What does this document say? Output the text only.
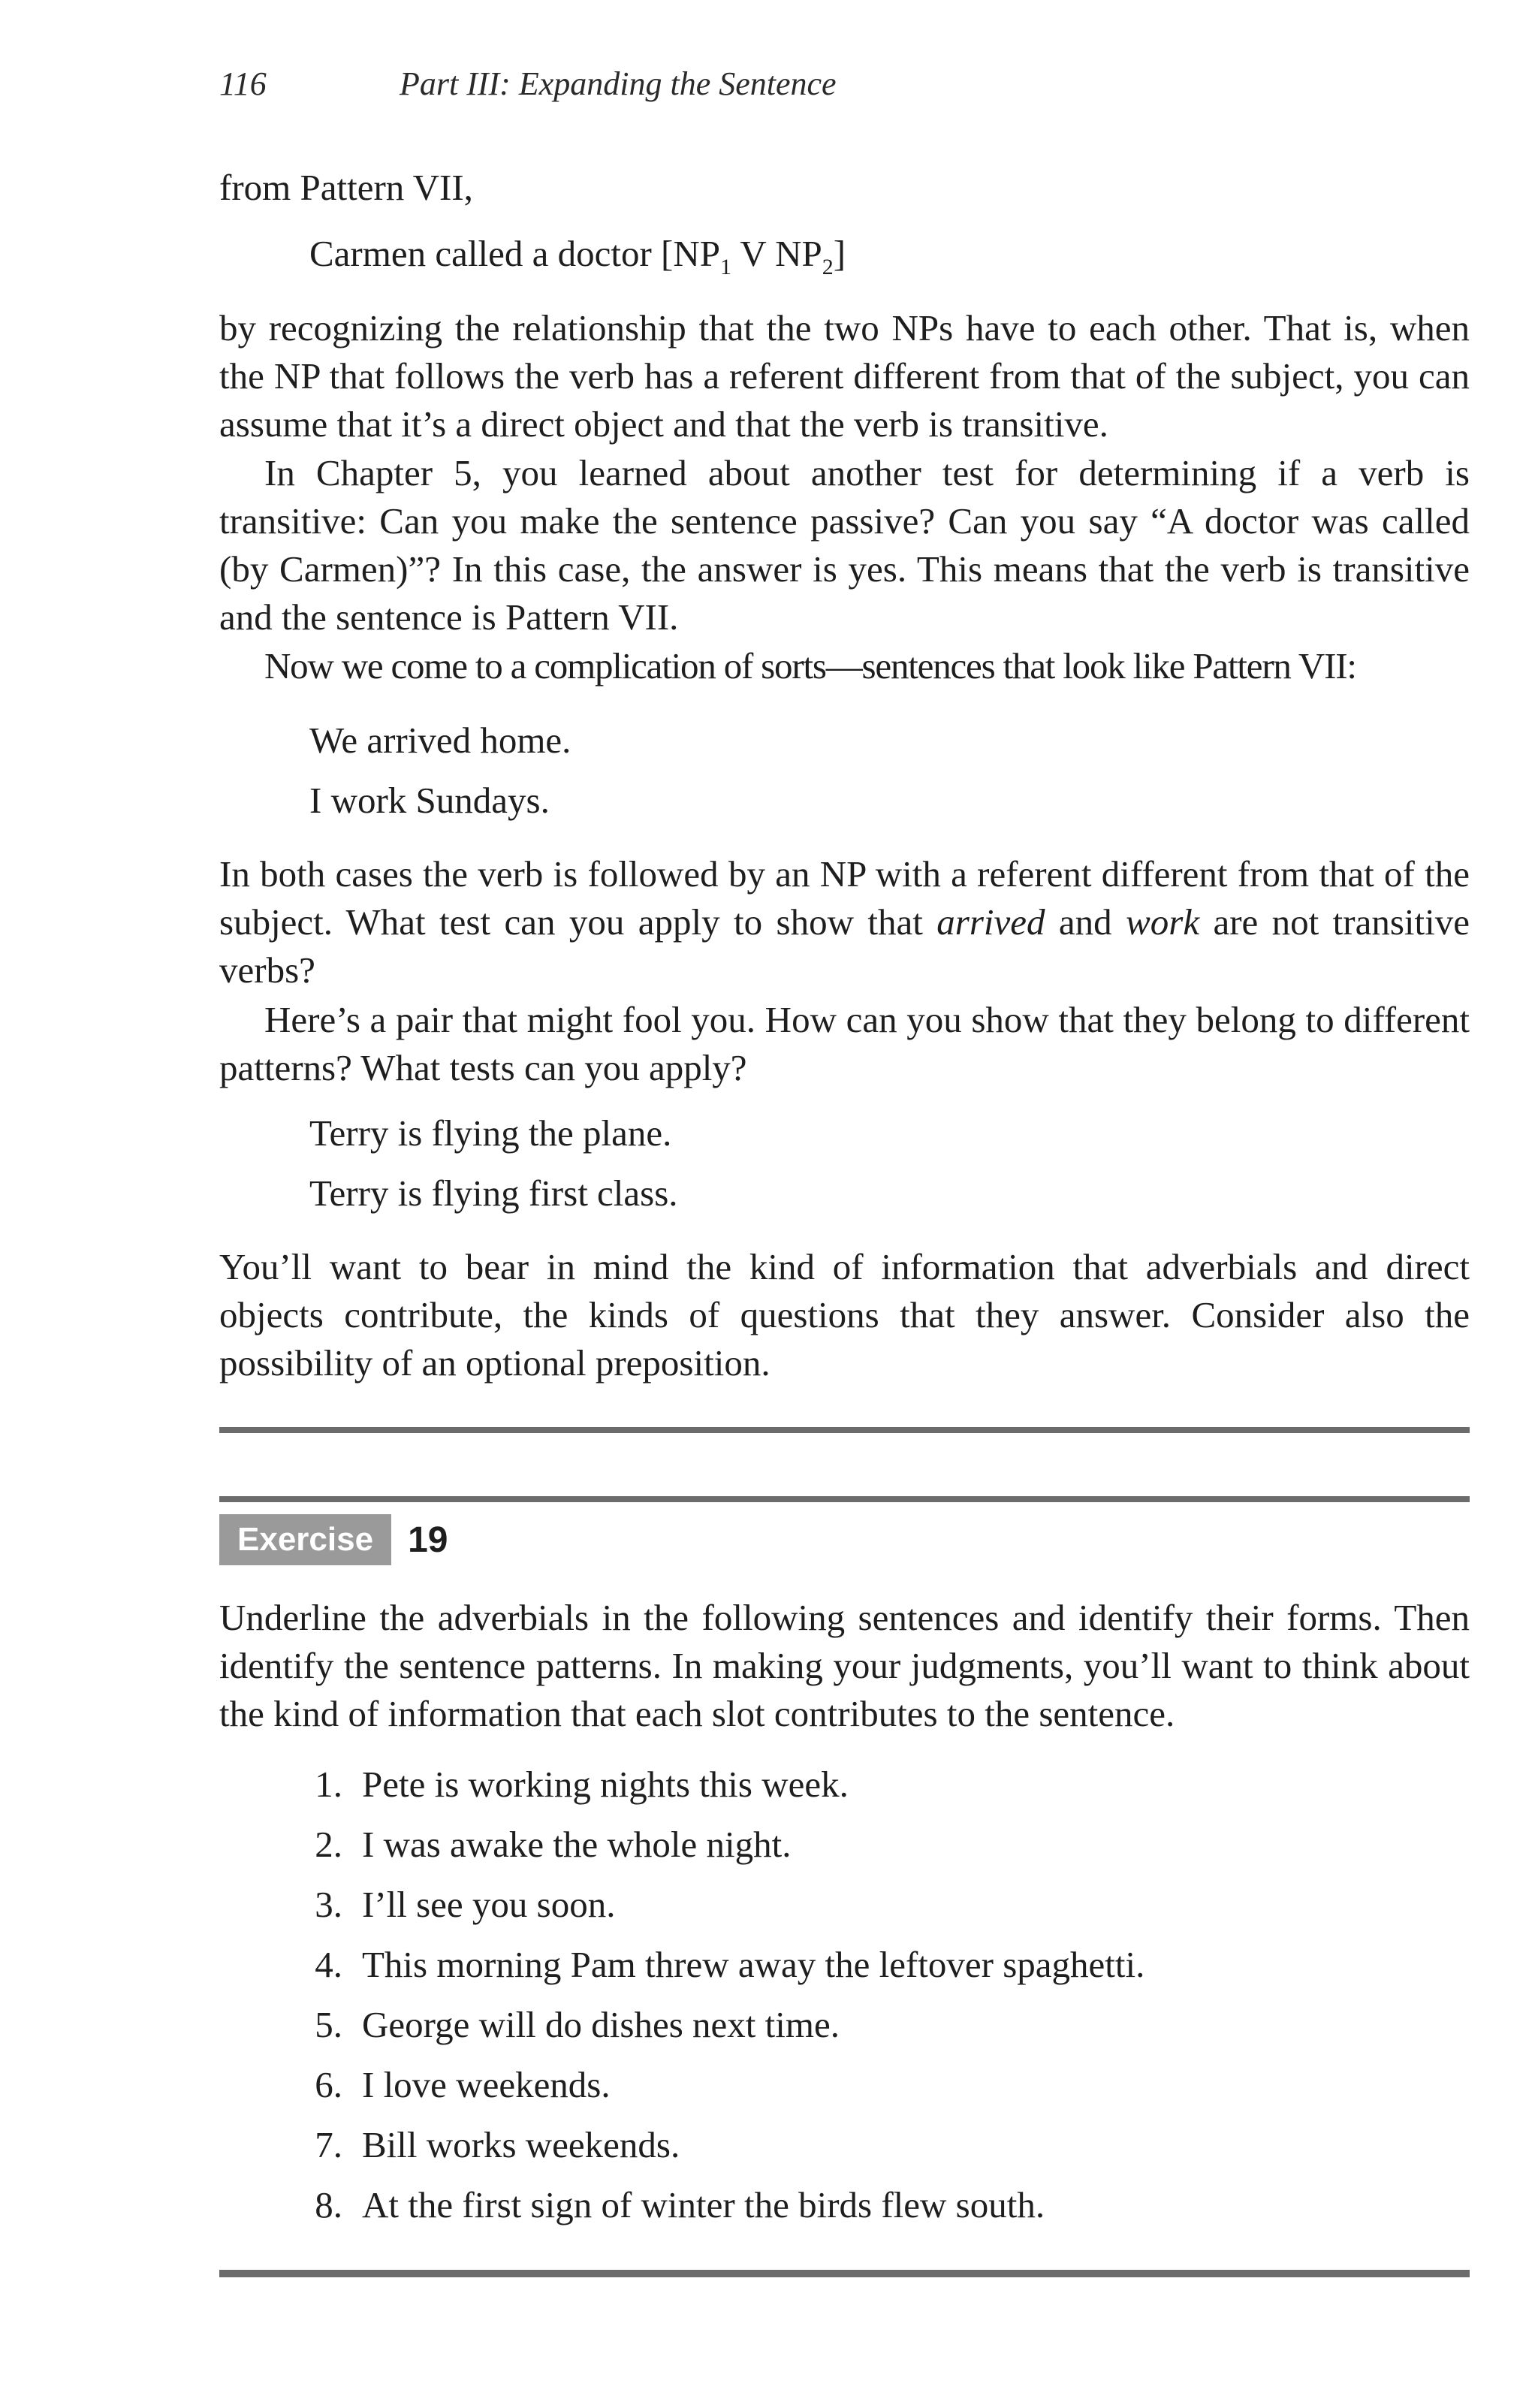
116	Part III: Expanding the Sentence
from Pattern VII,
Carmen called a doctor [$NP_1$ V $NP_2$]

by recognizing the relationship that the two NPs have to each other. That is, when the NP that follows the verb has a referent different from that of the subject, you can assume that it’s a direct object and that the verb is transitive.

In Chapter 5, you learned about another test for determining if a verb is transitive: Can you make the sentence passive? Can you say “A doctor was called (by Carmen)”? In this case, the answer is yes. This means that the verb is transitive and the sentence is Pattern VII.

Now we come to a complication of sorts—sentences that look like Pattern VII:

We arrived home.
I work Sundays.

In both cases the verb is followed by an NP with a referent different from that of the subject. What test can you apply to show that arrived and work are not transitive verbs?

Here’s a pair that might fool you. How can you show that they belong to different patterns? What tests can you apply?

Terry is flying the plane.
Terry is flying first class.

You’ll want to bear in mind the kind of information that adverbials and direct objects contribute, the kinds of questions that they answer. Consider also the possibility of an optional preposition.

Exercise 19

Underline the adverbials in the following sentences and identify their forms. Then identify the sentence patterns. In making your judgments, you’ll want to think about the kind of information that each slot contributes to the sentence.

1. Pete is working nights this week.
2. I was awake the whole night.
3. I’ll see you soon.
4. This morning Pam threw away the leftover spaghetti.
5. George will do dishes next time.
6. I love weekends.
7. Bill works weekends.
8. At the first sign of winter the birds flew south.
